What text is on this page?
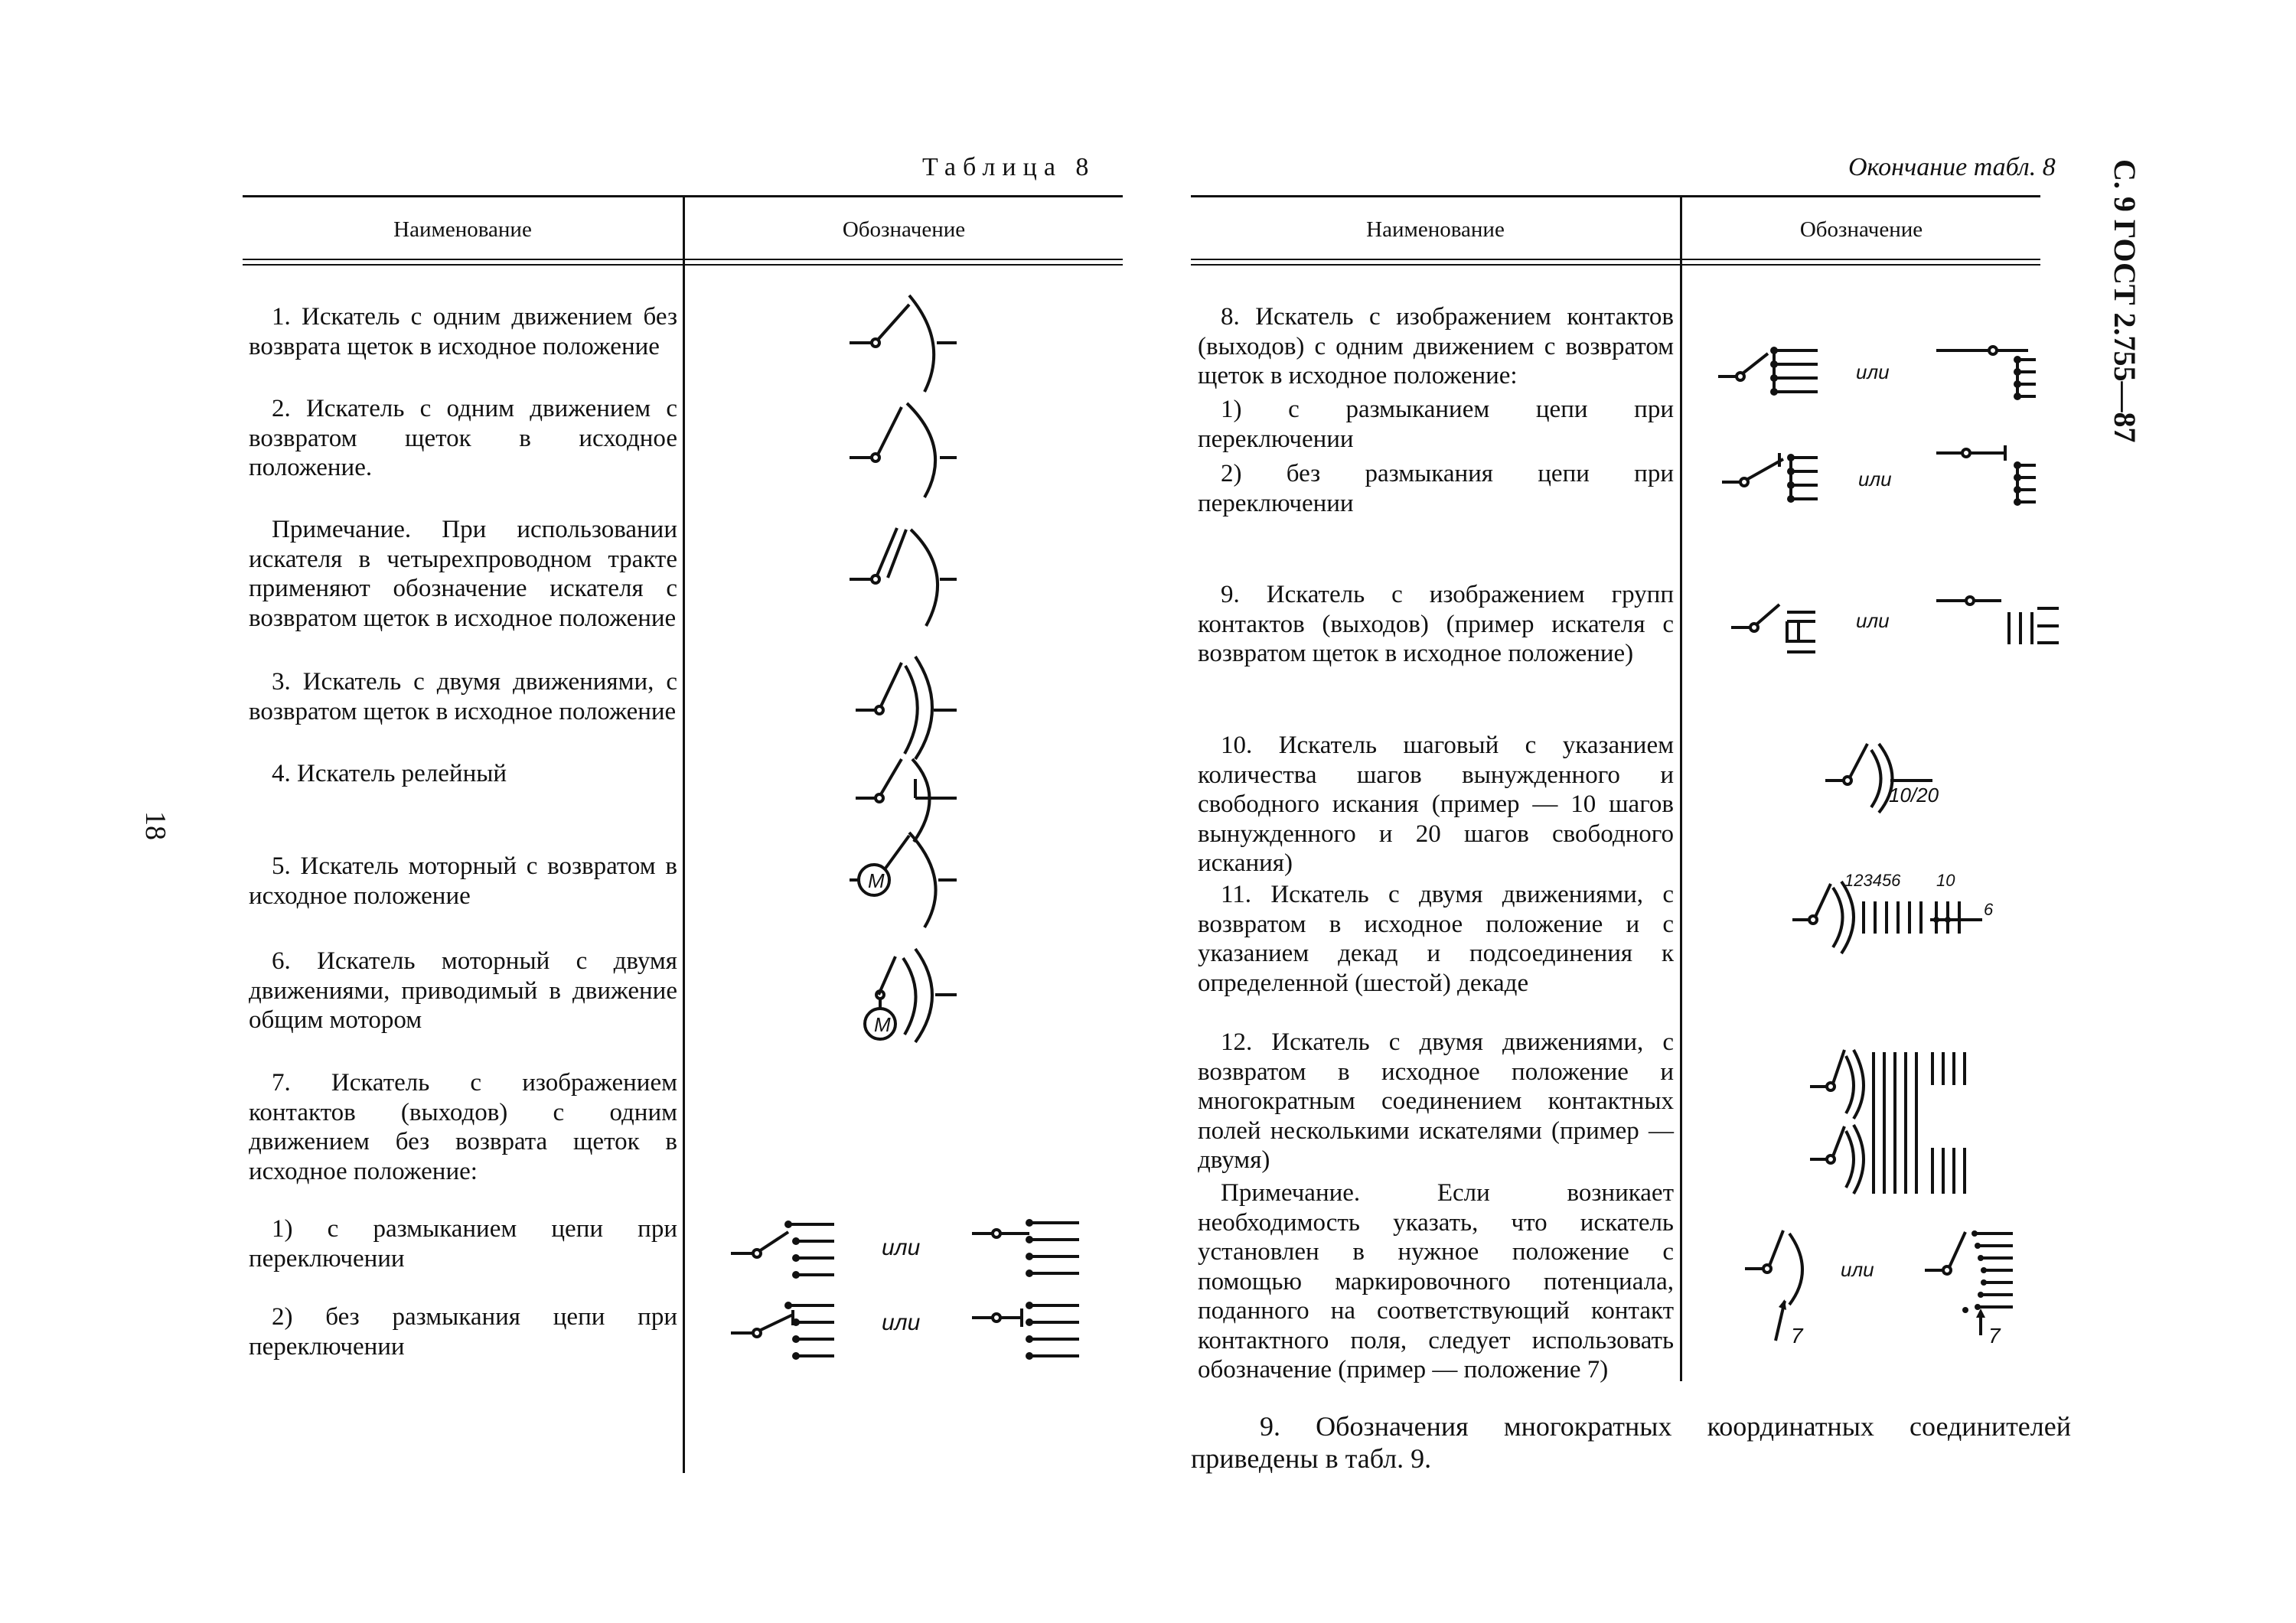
Таблица 8	Окончание табл. 8
Наименование	Обозначение	Наименование	Обозначение
1. Искатель с одним движением без возврата щеток в исходное положение
2. Искатель с одним движением с возвратом щеток в исходное положение.
Примечание. При использовании искателя в четырехпроводном тракте применяют обозначение искателя с возвратом щеток в исходное положение
3. Искатель с двумя движениями, с возвратом щеток в исходное положение
4. Искатель релейный
5. Искатель моторный с возвратом в исходное положение
6. Искатель моторный с двумя движениями, приводимый в движение общим мотором
7. Искатель с изображением контактов (выходов) с одним движением без возврата щеток в исходное положение:
1) с размыканием цепи при переключении
2) без размыкания цепи при переключении
8. Искатель с изображением контактов (выходов) с одним движением с возвратом щеток в исходное положение:
1) с размыканием цепи при переключении
2) без размыкания цепи при переключении
9. Искатель с изображением групп контактов (выходов) (пример искателя с возвратом щеток в исходное положение)
10. Искатель шаговый с указанием количества шагов вынужденного и свободного искания (пример — 10 шагов вынужденного и 20 шагов свободного искания)
11. Искатель с двумя движениями, с возвратом в исходное положение и с указанием декад и подсоединения к определенной (шестой) декаде
12. Искатель с двумя движениями, с возвратом в исходное положение и многократным соединением контактных полей несколькими искателями (пример — двумя)
Примечание. Если возникает необходимость указать, что искатель установлен в нужное положение с помощью маркировочного потенциала, поданного на соответствующий контакт контактного поля, следует использовать обозначение (пример — положение 7)
9. Обозначения многократных координатных соединителей приведены в табл. 9.
18
С. 9 ГОСТ 2.755—87
М
М
или
или
или
или
или
10/20
123456 10
6
7
или
7
